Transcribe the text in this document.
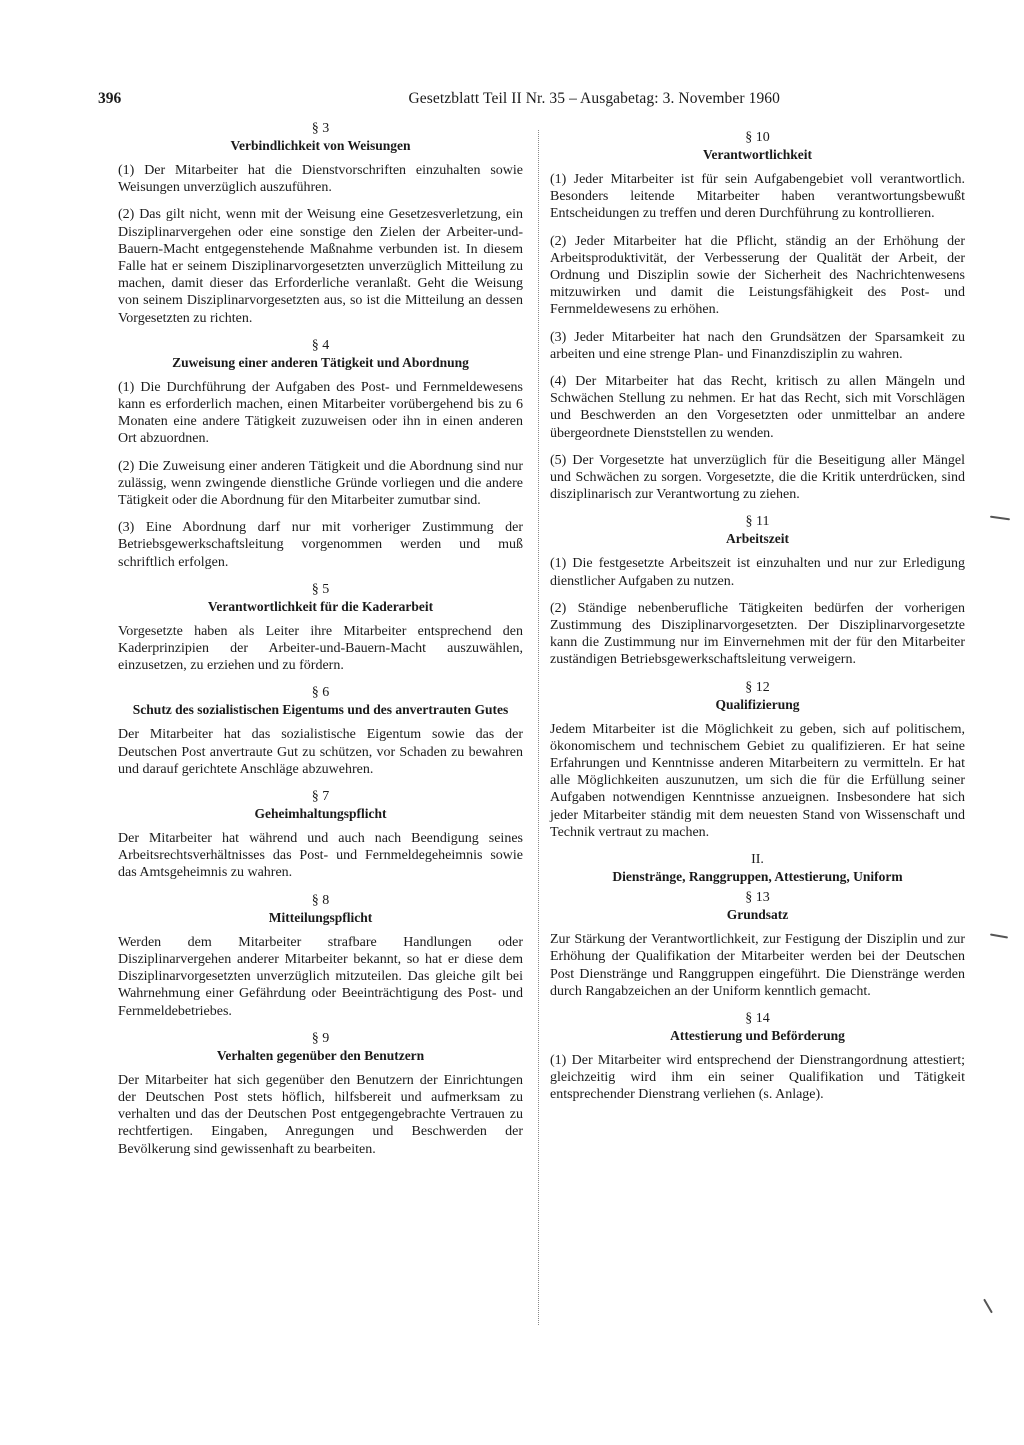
396	Gesetzblatt Teil II Nr. 35 – Ausgabetag: 3. November 1960

§ 3

Verbindlichkeit von Weisungen

(1) Der Mitarbeiter hat die Dienstvorschriften einzuhalten sowie Weisungen unverzüglich auszuführen.

(2) Das gilt nicht, wenn mit der Weisung eine Gesetzesverletzung, ein Disziplinarvergehen oder eine sonstige den Zielen der Arbeiter-und-Bauern-Macht entgegenstehende Maßnahme verbunden ist. In diesem Falle hat er seinem Disziplinarvorgesetzten unverzüglich Mitteilung zu machen, damit dieser das Erforderliche veranlaßt. Geht die Weisung von seinem Disziplinarvorgesetzten aus, so ist die Mitteilung an dessen Vorgesetzten zu richten.

§ 4

Zuweisung einer anderen Tätigkeit und Abordnung

(1) Die Durchführung der Aufgaben des Post- und Fernmeldewesens kann es erforderlich machen, einen Mitarbeiter vorübergehend bis zu 6 Monaten eine andere Tätigkeit zuzuweisen oder ihn in einen anderen Ort abzuordnen.

(2) Die Zuweisung einer anderen Tätigkeit und die Abordnung sind nur zulässig, wenn zwingende dienstliche Gründe vorliegen und die andere Tätigkeit oder die Abordnung für den Mitarbeiter zumutbar sind.

(3) Eine Abordnung darf nur mit vorheriger Zustimmung der Betriebsgewerkschaftsleitung vorgenommen werden und muß schriftlich erfolgen.

§ 5

Verantwortlichkeit für die Kaderarbeit

Vorgesetzte haben als Leiter ihre Mitarbeiter entsprechend den Kaderprinzipien der Arbeiter-und-Bauern-Macht auszuwählen, einzusetzen, zu erziehen und zu fördern.

§ 6

Schutz des sozialistischen Eigentums und des anvertrauten Gutes

Der Mitarbeiter hat das sozialistische Eigentum sowie das der Deutschen Post anvertraute Gut zu schützen, vor Schaden zu bewahren und darauf gerichtete Anschläge abzuwehren.

§ 7

Geheimhaltungspflicht

Der Mitarbeiter hat während und auch nach Beendigung seines Arbeitsrechtsverhältnisses das Post- und Fernmeldegeheimnis sowie das Amtsgeheimnis zu wahren.

§ 8

Mitteilungspflicht

Werden dem Mitarbeiter strafbare Handlungen oder Disziplinarvergehen anderer Mitarbeiter bekannt, so hat er diese dem Disziplinarvorgesetzten unverzüglich mitzuteilen. Das gleiche gilt bei Wahrnehmung einer Gefährdung oder Beeinträchtigung des Post- und Fernmeldebetriebes.

§ 9

Verhalten gegenüber den Benutzern

Der Mitarbeiter hat sich gegenüber den Benutzern der Einrichtungen der Deutschen Post stets höflich, hilfsbereit und aufmerksam zu verhalten und das der Deutschen Post entgegengebrachte Vertrauen zu rechtfertigen. Eingaben, Anregungen und Beschwerden der Bevölkerung sind gewissenhaft zu bearbeiten.

§ 10

Verantwortlichkeit

(1) Jeder Mitarbeiter ist für sein Aufgabengebiet voll verantwortlich. Besonders leitende Mitarbeiter haben verantwortungsbewußt Entscheidungen zu treffen und deren Durchführung zu kontrollieren.

(2) Jeder Mitarbeiter hat die Pflicht, ständig an der Erhöhung der Arbeitsproduktivität, der Verbesserung der Qualität der Arbeit, der Ordnung und Disziplin sowie der Sicherheit des Nachrichtenwesens mitzuwirken und damit die Leistungsfähigkeit des Post- und Fernmeldewesens zu erhöhen.

(3) Jeder Mitarbeiter hat nach den Grundsätzen der Sparsamkeit zu arbeiten und eine strenge Plan- und Finanzdisziplin zu wahren.

(4) Der Mitarbeiter hat das Recht, kritisch zu allen Mängeln und Schwächen Stellung zu nehmen. Er hat das Recht, sich mit Vorschlägen und Beschwerden an den Vorgesetzten oder unmittelbar an andere übergeordnete Dienststellen zu wenden.

(5) Der Vorgesetzte hat unverzüglich für die Beseitigung aller Mängel und Schwächen zu sorgen. Vorgesetzte, die die Kritik unterdrücken, sind disziplinarisch zur Verantwortung zu ziehen.

§ 11

Arbeitszeit

(1) Die festgesetzte Arbeitszeit ist einzuhalten und nur zur Erledigung dienstlicher Aufgaben zu nutzen.

(2) Ständige nebenberufliche Tätigkeiten bedürfen der vorherigen Zustimmung des Disziplinarvorgesetzten. Der Disziplinarvorgesetzte kann die Zustimmung nur im Einvernehmen mit der für den Mitarbeiter zuständigen Betriebsgewerkschaftsleitung verweigern.

§ 12

Qualifizierung

Jedem Mitarbeiter ist die Möglichkeit zu geben, sich auf politischem, ökonomischem und technischem Gebiet zu qualifizieren. Er hat seine Erfahrungen und Kenntnisse anderen Mitarbeitern zu vermitteln. Er hat alle Möglichkeiten auszunutzen, um sich die für die Erfüllung seiner Aufgaben notwendigen Kenntnisse anzueignen. Insbesondere hat sich jeder Mitarbeiter ständig mit dem neuesten Stand von Wissenschaft und Technik vertraut zu machen.

II.

Dienstränge, Ranggruppen, Attestierung, Uniform

§ 13

Grundsatz

Zur Stärkung der Verantwortlichkeit, zur Festigung der Disziplin und zur Erhöhung der Qualifikation der Mitarbeiter werden bei der Deutschen Post Dienstränge und Ranggruppen eingeführt. Die Dienstränge werden durch Rangabzeichen an der Uniform kenntlich gemacht.

§ 14

Attestierung und Beförderung

(1) Der Mitarbeiter wird entsprechend der Dienstrangordnung attestiert; gleichzeitig wird ihm ein seiner Qualifikation und Tätigkeit entsprechender Dienstrang verliehen (s. Anlage).
